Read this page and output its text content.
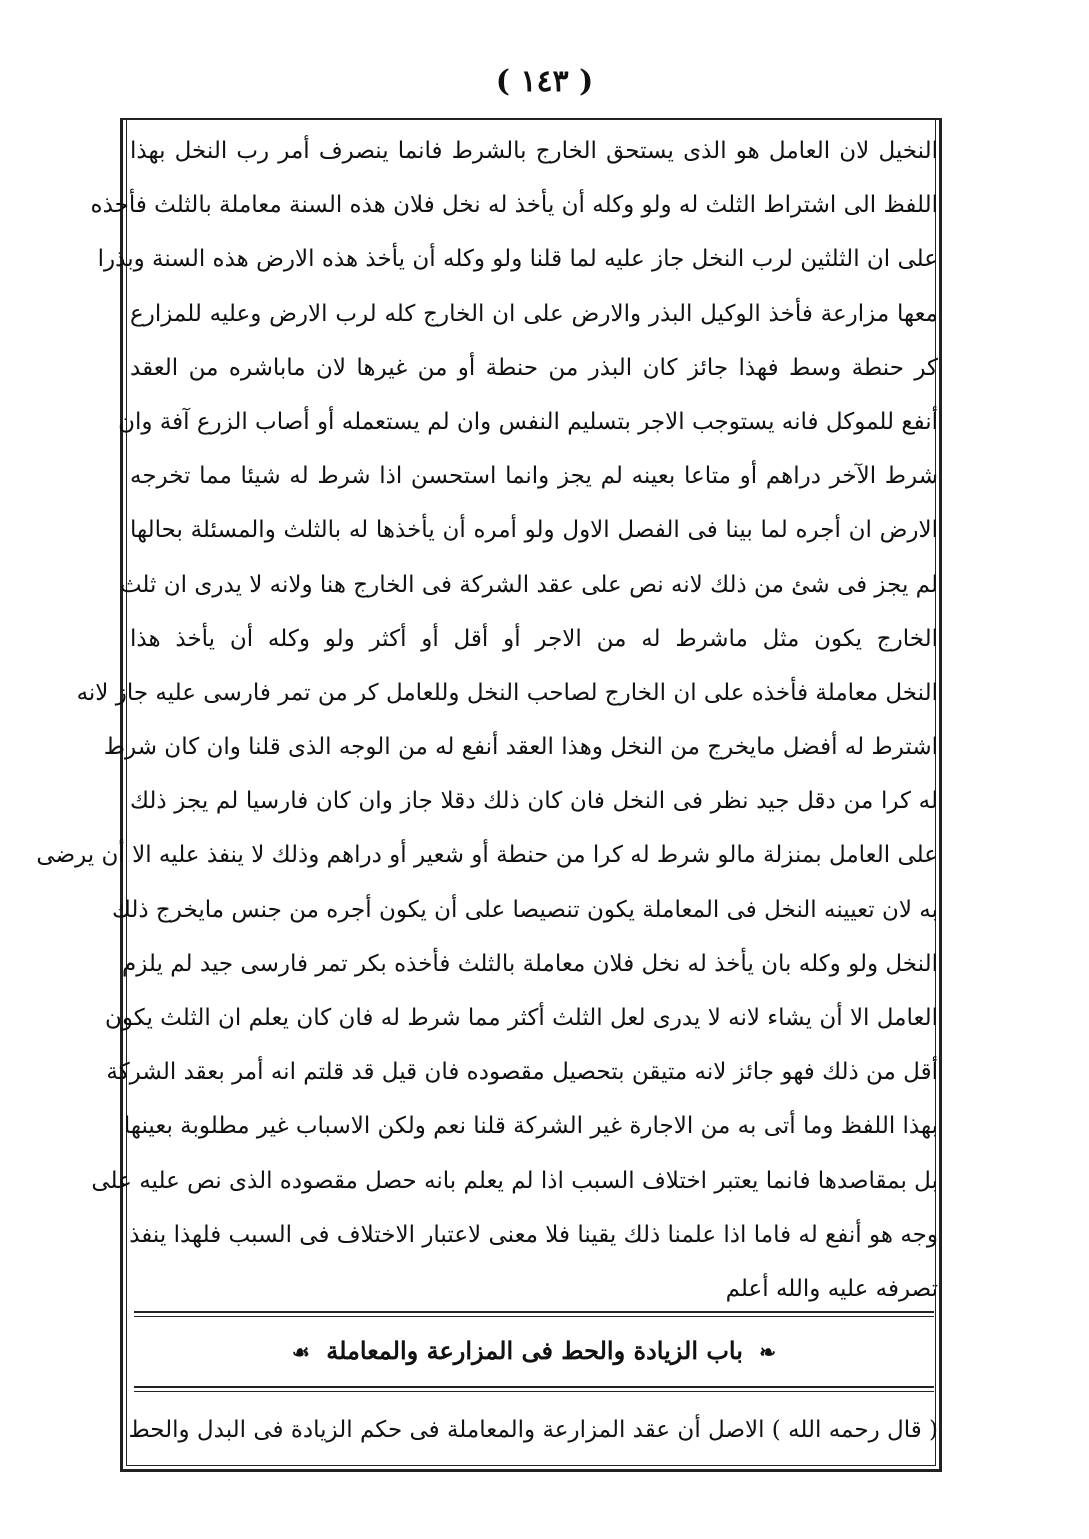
( ١٤٣ )
النخيل لان العامل هو الذى يستحق الخارج بالشرط فانما ينصرف أمر رب النخل بهذا
اللفظ الى اشتراط الثلث له ولو وكله أن يأخذ له نخل فلان هذه السنة معاملة بالثلث فأخذه
على ان الثلثين لرب النخل جاز عليه لما قلنا ولو وكله أن يأخذ هذه الارض هذه السنة وبذرا
معها مزارعة فأخذ الوكيل البذر والارض على ان الخارج كله لرب الارض وعليه للمزارع
كر حنطة وسط فهذا جائز كان البذر من حنطة أو من غيرها لان ماباشره من العقد
أنفع للموكل فانه يستوجب الاجر بتسليم النفس وان لم يستعمله أو أصاب الزرع آفة وان
شرط الآخر دراهم أو متاعا بعينه لم يجز وانما استحسن اذا شرط له شيئا مما تخرجه
الارض ان أجره لما بينا فى الفصل الاول ولو أمره أن يأخذها له بالثلث والمسئلة بحالها
لم يجز فى شئ من ذلك لانه نص على عقد الشركة فى الخارج هنا ولانه لا يدرى ان ثلث
الخارج يكون مثل ماشرط له من الاجر أو أقل أو أكثر ولو وكله أن يأخذ هذا
النخل معاملة فأخذه على ان الخارج لصاحب النخل وللعامل كر من تمر فارسى عليه جاز لانه
اشترط له أفضل مايخرج من النخل وهذا العقد أنفع له من الوجه الذى قلنا وان كان شرط
له كرا من دقل جيد نظر فى النخل فان كان ذلك دقلا جاز وان كان فارسيا لم يجز ذلك
على العامل بمنزلة مالو شرط له كرا من حنطة أو شعير أو دراهم وذلك لا ينفذ عليه الا أن يرضى
به لان تعيينه النخل فى المعاملة يكون تنصيصا على أن يكون أجره من جنس مايخرج ذلك
النخل ولو وكله بان يأخذ له نخل فلان معاملة بالثلث فأخذه بكر تمر فارسى جيد لم يلزم
العامل الا أن يشاء لانه لا يدرى لعل الثلث أكثر مما شرط له فان كان يعلم ان الثلث يكون
أقل من ذلك فهو جائز لانه متيقن بتحصيل مقصوده فان قيل قد قلتم انه أمر بعقد الشركة
بهذا اللفظ وما أتى به من الاجارة غير الشركة قلنا نعم ولكن الاسباب غير مطلوبة بعينها
بل بمقاصدها فانما يعتبر اختلاف السبب اذا لم يعلم بانه حصل مقصوده الذى نص عليه على
وجه هو أنفع له فاما اذا علمنا ذلك يقينا فلا معنى لاعتبار الاختلاف فى السبب فلهذا ينفذ
تصرفه عليه والله أعلم
❧ باب الزيادة والحط فى المزارعة والمعاملة ☙
( قال رحمه الله ) الاصل أن عقد المزارعة والمعاملة فى حكم الزيادة فى البدل والحط
